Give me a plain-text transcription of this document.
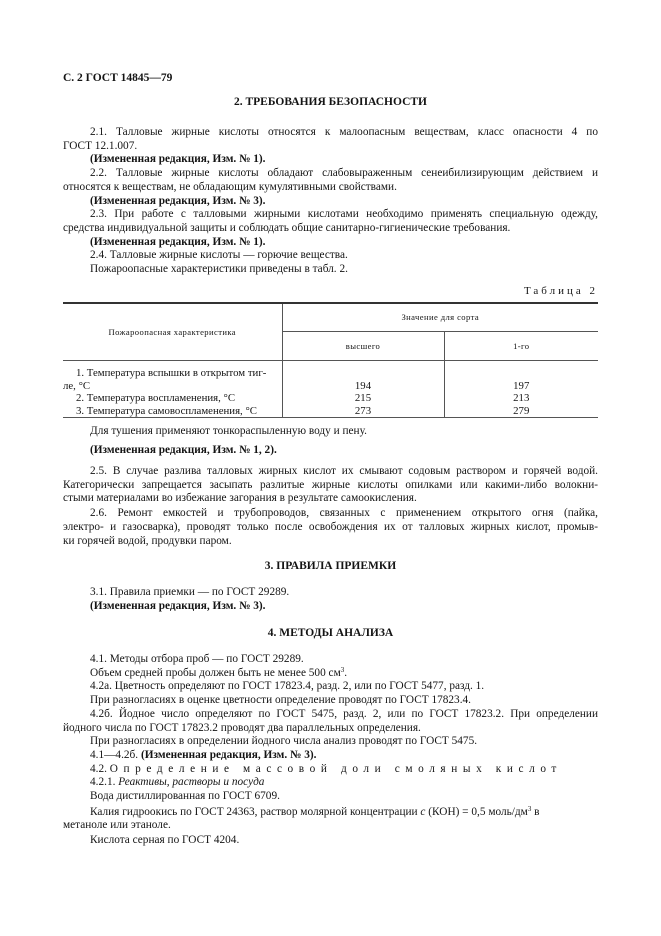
С. 2 ГОСТ 14845—79

2. ТРЕБОВАНИЯ БЕЗОПАСНОСТИ

2.1. Талловые жирные кислоты относятся к малоопасным веществам, класс опасности 4 по

ГОСТ 12.1.007.

(Измененная редакция, Изм. № 1).

2.2. Талловые жирные кислоты обладают слабовыраженным сенеибилизирующим действием и

относятся к веществам, не обладающим кумулятивными свойствами.

(Измененная редакция, Изм. № 3).

2.3. При работе с талловыми жирными кислотами необходимо применять специальную одежду,

средства индивидуальной защиты и соблюдать общие санитарно-гигиенические требования.

(Измененная редакция, Изм. № 1).

2.4. Талловые жирные кислоты — горючие вещества.

Пожароопасные характеристики приведены в табл. 2.

Таблица 2
Пожароопасная характеристика	Значение для сорта	
	высшего	1-го

1. Температура вспышки в открытом тиг-
ле, °С	194	197
2. Температура воспламенения, °С	215	213
3. Температура самовоспламенения, °С	273	279

Для тушения применяют тонкораспыленную воду и пену.

(Измененная редакция, Изм. № 1, 2).

2.5. В случае разлива талловых жирных кислот их смывают содовым раствором и горячей водой.

Категорически запрещается засыпать разлитые жирные кислоты опилками или какими-либо волокни-

стыми материалами во избежание загорания в результате самоокисления.

2.6. Ремонт емкостей и трубопроводов, связанных с применением открытого огня (пайка,

электро- и газосварка), проводят только после освобождения их от талловых жирных кислот, промыв-

ки горячей водой, продувки паром.

3. ПРАВИЛА ПРИЕМКИ

3.1. Правила приемки — по ГОСТ 29289.

(Измененная редакция, Изм. № 3).

4. МЕТОДЫ АНАЛИЗА

4.1. Методы отбора проб — по ГОСТ 29289.

Объем средней пробы должен быть не менее 500 $см^3$.

4.2а. Цветность определяют по ГОСТ 17823.4, разд. 2, или по ГОСТ 5477, разд. 1.

При разногласиях в оценке цветности определение проводят по ГОСТ 17823.4.

4.2б. Йодное число определяют по ГОСТ 5475, разд. 2, или по ГОСТ 17823.2. При определении

йодного числа по ГОСТ 17823.2 проводят два параллельных определения.

При разногласиях в определении йодного числа анализ проводят по ГОСТ 5475.

4.1—4.2б. (Измененная редакция, Изм. № 3).

4.2. Определение массовой доли смоляных кислот

4.2.1. Реактивы, растворы и посуда

Вода дистиллированная по ГОСТ 6709.

Калия гидроокись по ГОСТ 24363, раствор молярной концентрации с (КОН) = 0,5 моль/$дм^3$ в

метаноле или этаноле.

Кислота серная по ГОСТ 4204.
